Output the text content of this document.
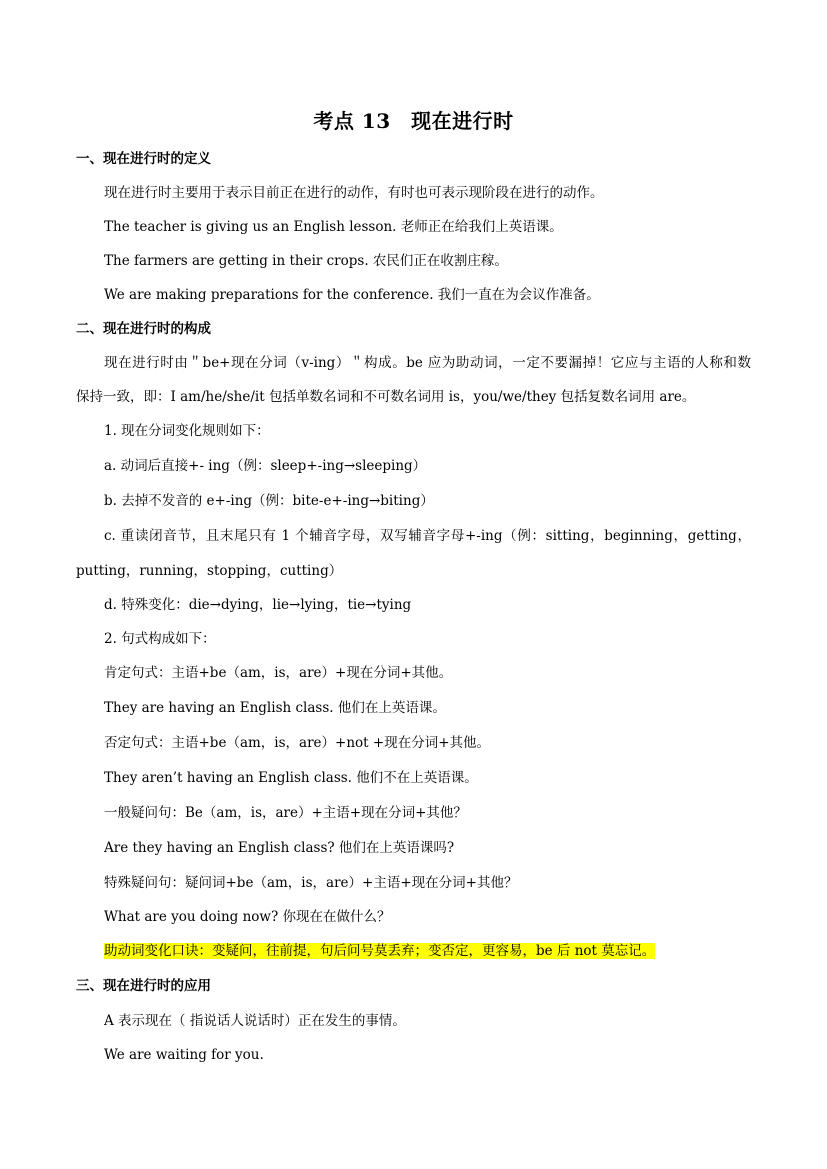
考点 13　现在进行时
一、现在进行时的定义
现在进行时主要用于表示目前正在进行的动作，有时也可表示现阶段在进行的动作。
The teacher is giving us an English lesson. 老师正在给我们上英语课。
The farmers are getting in their crops. 农民们正在收割庄稼。
We are making preparations for the conference. 我们一直在为会议作准备。
二、现在进行时的构成
现在进行时由＂be+现在分词（v-ing）＂构成。be 应为助动词，一定不要漏掉！它应与主语的人称和数
保持一致，即：I am/he/she/it 包括单数名词和不可数名词用 is，you/we/they 包括复数名词用 are。
1. 现在分词变化规则如下：
a. 动词后直接+- ing（例：sleep+-ing→sleeping）
b. 去掉不发音的 e+-ing（例：bite-e+-ing→biting）
c. 重读闭音节，且末尾只有 1 个辅音字母，双写辅音字母+-ing（例：sitting，beginning，getting，
putting，running，stopping，cutting）
d. 特殊变化：die→dying，lie→lying，tie→tying
2. 句式构成如下：
肯定句式：主语+be（am，is，are）+现在分词+其他。
They are having an English class. 他们在上英语课。
否定句式：主语+be（am，is，are）+not +现在分词+其他。
They aren’t having an English class. 他们不在上英语课。
一般疑问句：Be（am，is，are）+主语+现在分词+其他？
Are they having an English class? 他们在上英语课吗?
特殊疑问句：疑问词+be（am，is，are）+主语+现在分词+其他？
What are you doing now? 你现在在做什么？
助动词变化口诀：变疑问，往前提，句后问号莫丢弃；变否定，更容易，be 后 not 莫忘记。
三、现在进行时的应用
A 表示现在（ 指说话人说话时）正在发生的事情。
We are waiting for you.
